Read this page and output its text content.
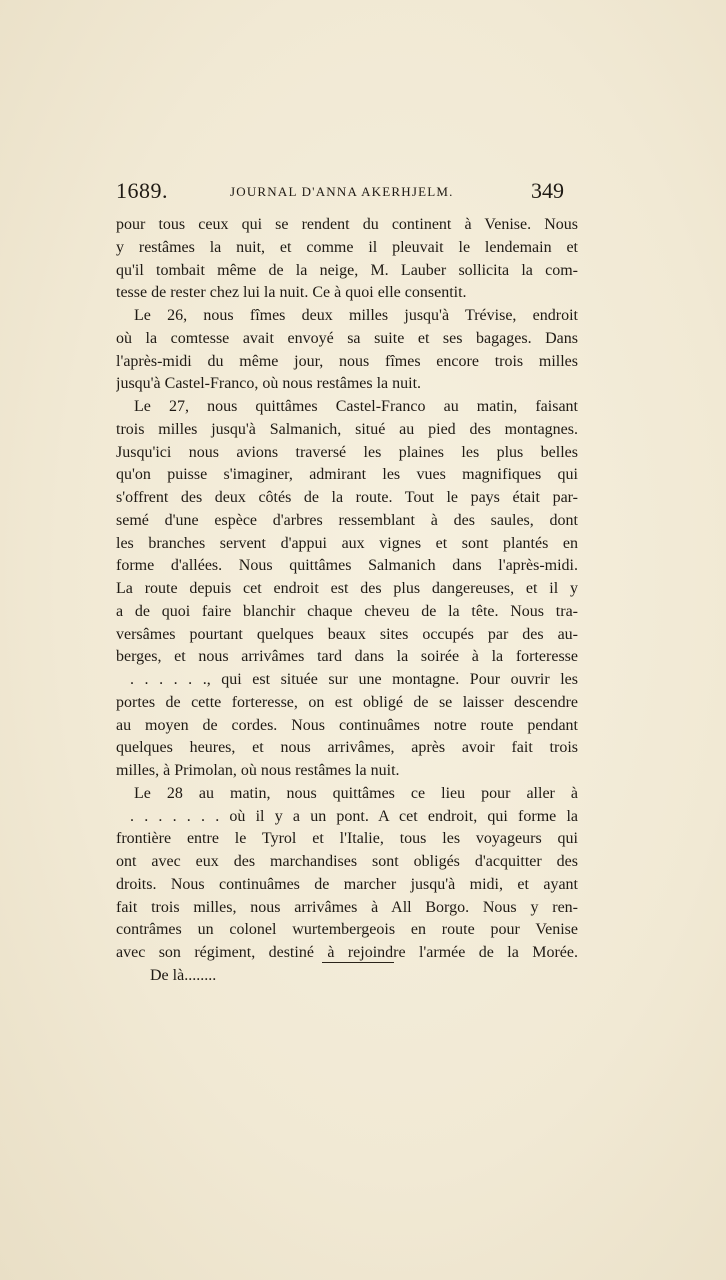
1689.	JOURNAL D'ANNA AKERHJELM.	349
pour tous ceux qui se rendent du continent à Venise. Nous
y restâmes la nuit, et comme il pleuvait le lendemain et
qu'il tombait même de la neige, M. Lauber sollicita la com-
tesse de rester chez lui la nuit. Ce à quoi elle consentit.
Le 26, nous fîmes deux milles jusqu'à Trévise, endroit
où la comtesse avait envoyé sa suite et ses bagages. Dans
l'après-midi du même jour, nous fîmes encore trois milles
jusqu'à Castel-Franco, où nous restâmes la nuit.
Le 27, nous quittâmes Castel-Franco au matin, faisant
trois milles jusqu'à Salmanich, situé au pied des montagnes.
Jusqu'ici nous avions traversé les plaines les plus belles
qu'on puisse s'imaginer, admirant les vues magnifiques qui
s'offrent des deux côtés de la route. Tout le pays était par-
semé d'une espèce d'arbres ressemblant à des saules, dont
les branches servent d'appui aux vignes et sont plantés en
forme d'allées. Nous quittâmes Salmanich dans l'après-midi.
La route depuis cet endroit est des plus dangereuses, et il y
a de quoi faire blanchir chaque cheveu de la tête. Nous tra-
versâmes pourtant quelques beaux sites occupés par des au-
berges, et nous arrivâmes tard dans la soirée à la forteresse
. . . . . ., qui est située sur une montagne. Pour ouvrir les
portes de cette forteresse, on est obligé de se laisser descendre
au moyen de cordes. Nous continuâmes notre route pendant
quelques heures, et nous arrivâmes, après avoir fait trois
milles, à Primolan, où nous restâmes la nuit.
Le 28 au matin, nous quittâmes ce lieu pour aller à
. . . . . . . où il y a un pont. A cet endroit, qui forme la
frontière entre le Tyrol et l'Italie, tous les voyageurs qui
ont avec eux des marchandises sont obligés d'acquitter des
droits. Nous continuâmes de marcher jusqu'à midi, et ayant
fait trois milles, nous arrivâmes à All Borgo. Nous y ren-
contrâmes un colonel wurtembergeois en route pour Venise
avec son régiment, destiné à rejoindre l'armée de la Morée.
De là........
